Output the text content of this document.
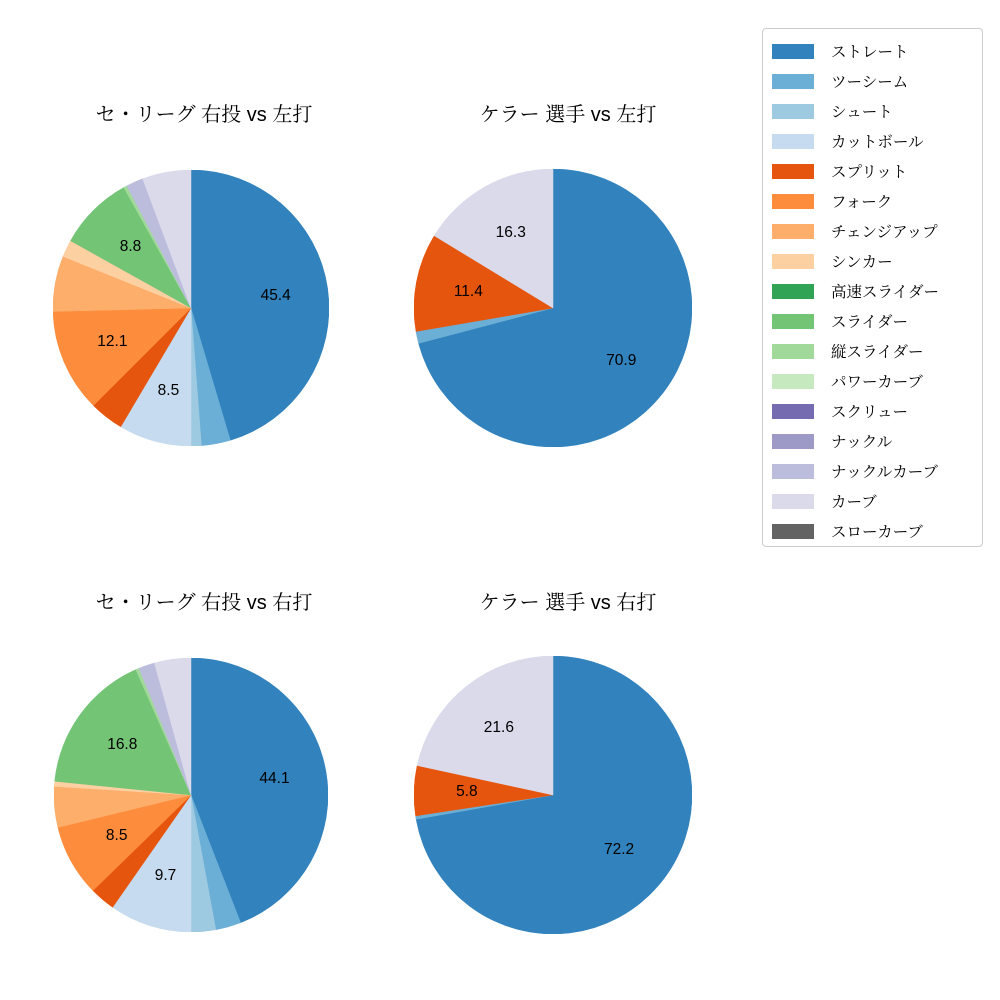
セ・リーグ 右投 vs 左打	ケラー 選手 vs 左打
セ・リーグ 右投 vs 右打	ケラー 選手 vs 右打
45.4
8.5
12.1
8.8
70.9
11.4
16.3
44.1
9.7
8.5
16.8
72.2
5.8
21.6
ストレート
ツーシーム
シュート
カットボール
スプリット
フォーク
チェンジアップ
シンカー
高速スライダー
スライダー
縦スライダー
パワーカーブ
スクリュー
ナックル
ナックルカーブ
カーブ
スローカーブ
